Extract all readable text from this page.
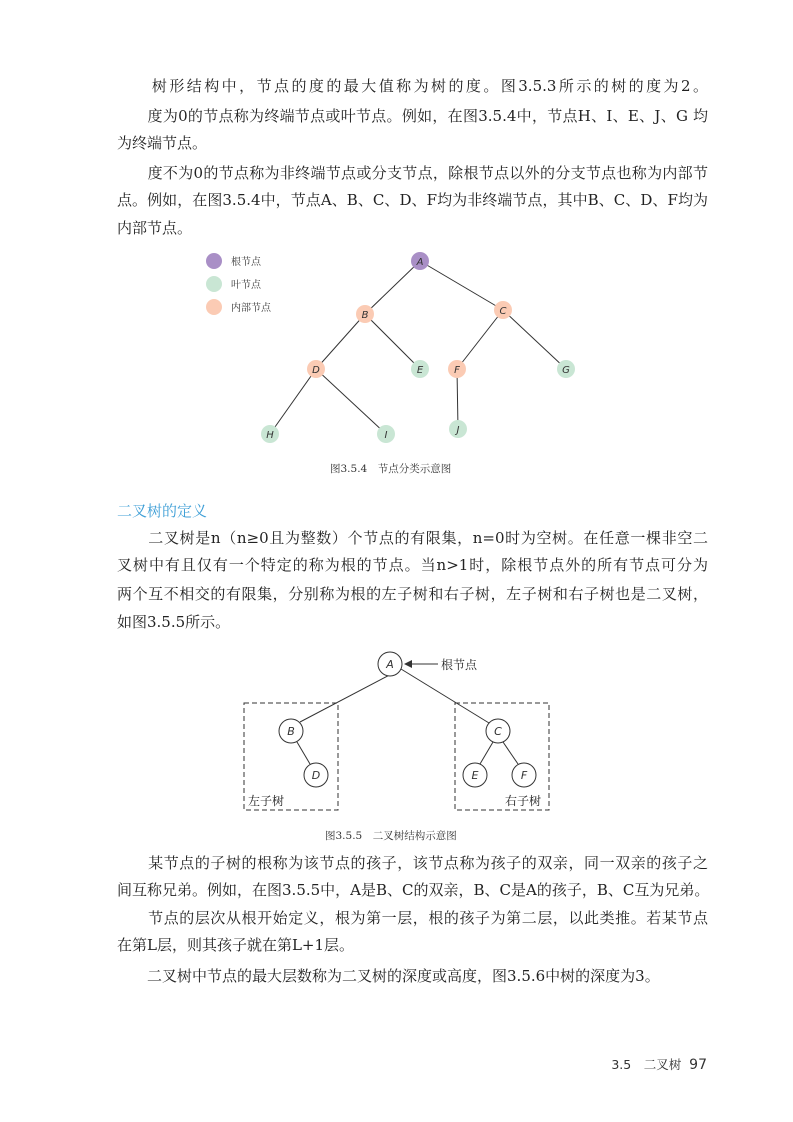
　　树形结构中，节点的度的最大值称为树的度。图3.5.3所示的树的度为2。
　　度为0的节点称为终端节点或叶节点。例如，在图3.5.4中，节点H、I、E、J、G 均
为终端节点。
　　度不为0的节点称为非终端节点或分支节点，除根节点以外的分支节点也称为内部节
点。例如，在图3.5.4中，节点A、B、C、D、F均为非终端节点，其中B、C、D、F均为
内部节点。
A
B	C
D	E	F	G
H	I	J
根节点
叶节点
内部节点
A
B
D
C
E	F
根节点
左子树	右子树
图3.5.4　节点分类示意图
二叉树的定义
　　二叉树是n（n≥0且为整数）个节点的有限集，n=0时为空树。在任意一棵非空二
叉树中有且仅有一个特定的称为根的节点。当n>1时，除根节点外的所有节点可分为
两个互不相交的有限集，分别称为根的左子树和右子树，左子树和右子树也是二叉树，
如图3.5.5所示。
图3.5.5　二叉树结构示意图
　　某节点的子树的根称为该节点的孩子，该节点称为孩子的双亲，同一双亲的孩子之
间互称兄弟。例如，在图3.5.5中，A是B、C的双亲，B、C是A的孩子，B、C互为兄弟。
　　节点的层次从根开始定义，根为第一层，根的孩子为第二层，以此类推。若某节点
在第L层，则其孩子就在第L+1层。
　　二叉树中节点的最大层数称为二叉树的深度或高度，图3.5.6中树的深度为3。
3.5　二叉树 97
